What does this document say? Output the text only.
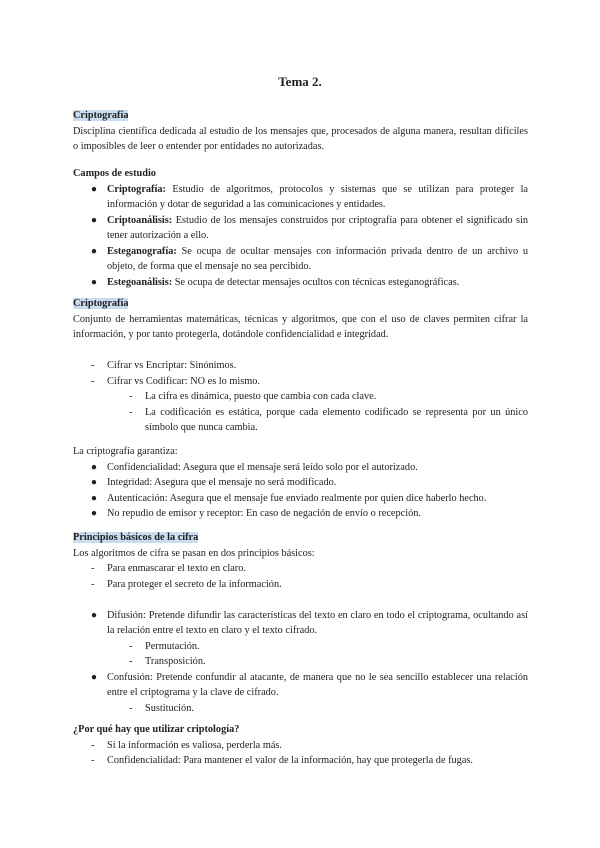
Tema 2.
Criptografía
Disciplina científica dedicada al estudio de los mensajes que, procesados de alguna manera, resultan difíciles o imposibles de leer o entender por entidades no autorizadas.
Campos de estudio
● Criptografía: Estudio de algoritmos, protocolos y sistemas que se utilizan para proteger la información y dotar de seguridad a las comunicaciones y entidades.
● Criptoanálisis: Estudio de los mensajes construidos por criptografía para obtener el significado sin tener autorización a ello.
● Esteganografía: Se ocupa de ocultar mensajes con información privada dentro de un archivo u objeto, de forma que el mensaje no sea percibido.
● Estegoanálisis: Se ocupa de detectar mensajes ocultos con técnicas esteganográficas.
Criptografía
Conjunto de herramientas matemáticas, técnicas y algoritmos, que con el uso de claves permiten cifrar la información, y por tanto protegerla, dotándole confidencialidad e integridad.
-	Cifrar vs Encriptar: Sinónimos.
-	Cifrar vs Codificar: NO es lo mismo.
-	La cifra es dinámica, puesto que cambia con cada clave.
-	La codificación es estática, porque cada elemento codificado se representa por un único símbolo que nunca cambia.
La criptografía garantiza:
● Confidencialidad: Asegura que el mensaje será leído solo por el autorizado.
● Integridad: Asegura que el mensaje no será modificado.
● Autenticación: Asegura que el mensaje fue enviado realmente por quien dice haberlo hecho.
● No repudio de emisor y receptor: En caso de negación de envío o recepción.
Principios básicos de la cifra
Los algoritmos de cifra se pasan en dos principios básicos:
-	Para enmascarar el texto en claro.
-	Para proteger el secreto de la información.
● Difusión: Pretende difundir las características del texto en claro en todo el criptograma, ocultando así la relación entre el texto en claro y el texto cifrado.
-	Permutación.
-	Transposición.
● Confusión: Pretende confundir al atacante, de manera que no le sea sencillo establecer una relación entre el criptograma y la clave de cifrado.
-	Sustitución.
¿Por qué hay que utilizar criptología?
-	Si la información es valiosa, perderla más.
-	Confidencialidad: Para mantener el valor de la información, hay que protegerla de fugas.
